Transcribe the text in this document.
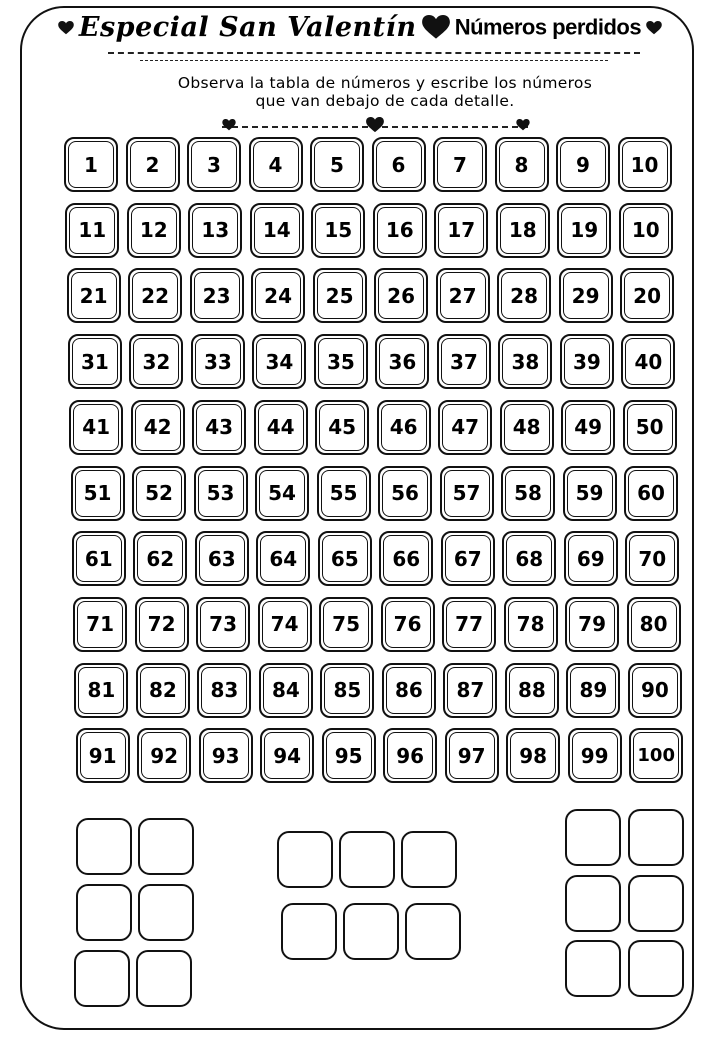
Especial San Valentín Números perdidos
Observa la tabla de números y escribe los números
que van debajo de cada detalle.
1	2	3	4	5	6	7	8	9	10
11	12	13	14	15	16	17	18	19	10
21	22	23	24	25	26	27	28	29	20
31	32	33	34	35	36	37	38	39	40
41	42	43	44	45	46	47	48	49	50
51	52	53	54	55	56	57	58	59	60
61	62	63	64	65	66	67	68	69	70
71	72	73	74	75	76	77	78	79	80
81	82	83	84	85	86	87	88	89	90
91	92	93	94	95	96	97	98	99	100
